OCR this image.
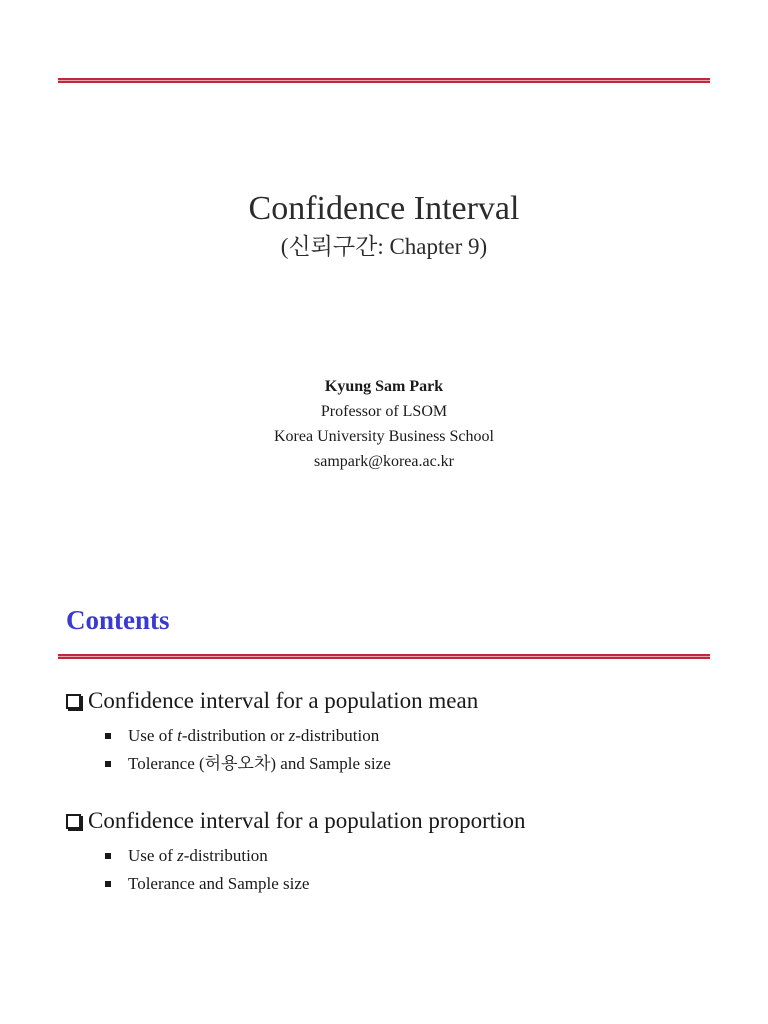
Confidence Interval
(신뢰구간: Chapter 9)
Kyung Sam Park
Professor of LSOM
Korea University Business School
sampark@korea.ac.kr
Contents
Confidence interval for a population mean
Use of t-distribution or z-distribution
Tolerance (허용오차) and Sample size
Confidence interval for a population proportion
Use of z-distribution
Tolerance and Sample size
